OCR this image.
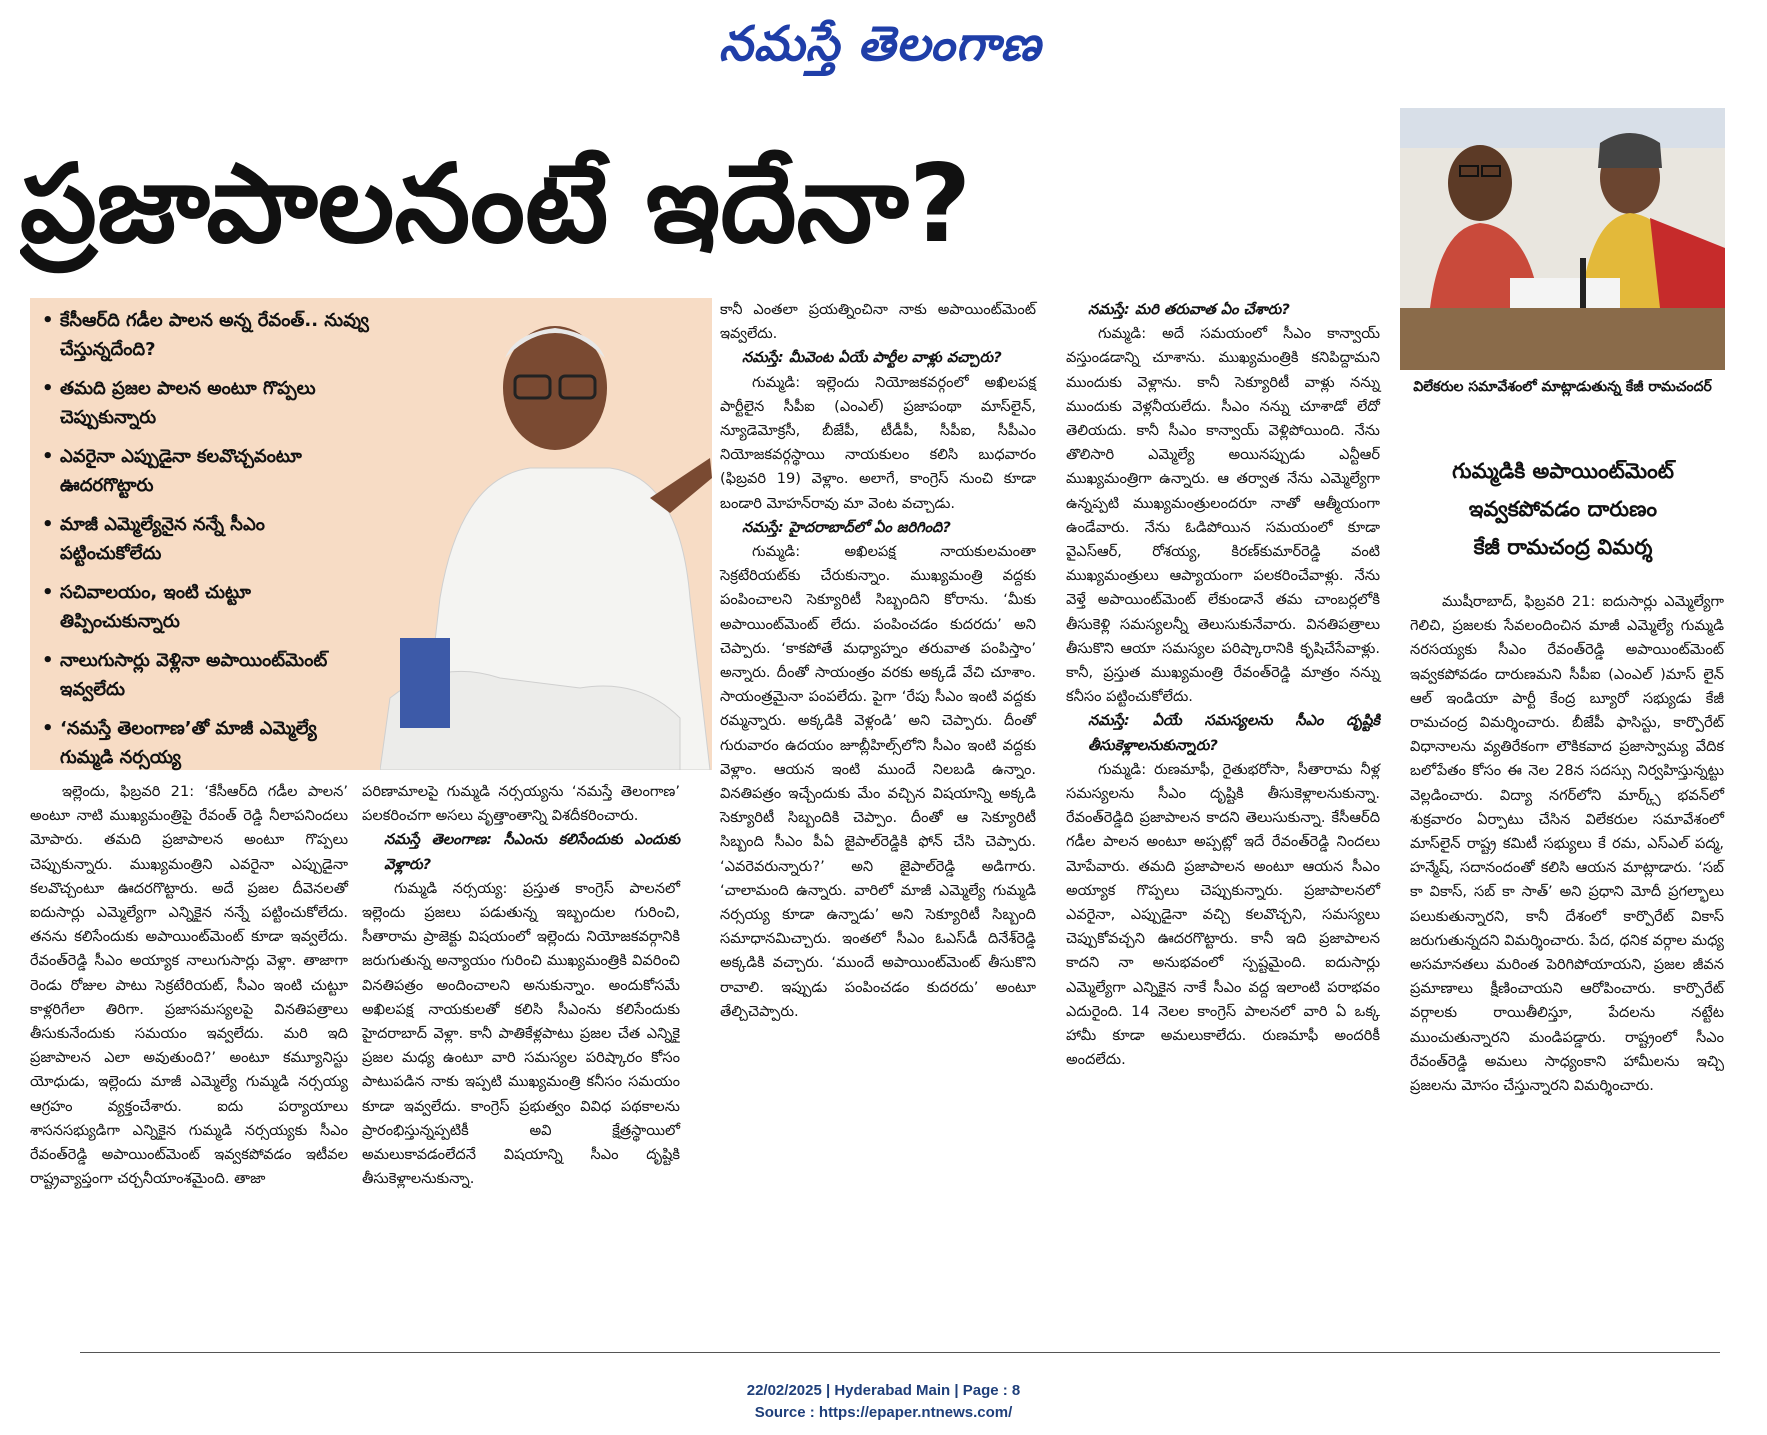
నమస్తే తెలంగాణ
ప్రజాపాలనంటే ఇదేనా?
• కేసీఆర్‌ది గడీల పాలన అన్న రేవంత్.. నువ్వు చేస్తున్నదేంది?
• తమది ప్రజల పాలన అంటూ గొప్పలు చెప్పుకున్నారు
• ఎవరైనా ఎప్పుడైనా కలవొచ్చవంటూ ఊదరగొట్టారు
• మాజీ ఎమ్మెల్యేనైన నన్నే సీఎం పట్టించుకోలేదు
• సచివాలయం, ఇంటి చుట్టూ తిప్పించుకున్నారు
• నాలుగుసార్లు వెళ్లినా అపాయింట్‌మెంట్ ఇవ్వలేదు
• ‘నమస్తే తెలంగాణ’తో మాజీ ఎమ్మెల్యే గుమ్మడి నర్సయ్య
విలేకరుల సమావేశంలో మాట్లాడుతున్న కేజీ రామచందర్
గుమ్మడికి అపాయింట్‌మెంట్
ఇవ్వకపోవడం దారుణం
కేజీ రామచంద్ర విమర్శ

ఇల్లెందు, ఫిబ్రవరి 21: ‘కేసీఆర్‌ది గడీల పాలన’ అంటూ నాటి ముఖ్యమంత్రిపై రేవంత్ రెడ్డి నీలాపనిందలు మోపారు. తమది ప్రజాపాలన అంటూ గొప్పలు చెప్పుకున్నారు. ముఖ్యమంత్రిని ఎవరైనా ఎప్పుడైనా కలవొచ్చంటూ ఊదరగొట్టారు. అదే ప్రజల దీవెనలతో ఐదుసార్లు ఎమ్మెల్యేగా ఎన్నికైన నన్నే పట్టించుకోలేదు. తనను కలిసేందుకు అపాయింట్‌మెంట్ కూడా ఇవ్వలేదు. రేవంత్‌రెడ్డి సీఎం అయ్యాక నాలుగుసార్లు వెళ్లా. తాజాగా రెండు రోజుల పాటు సెక్రటేరియట్, సీఎం ఇంటి చుట్టూ కాళ్లరిగేలా తిరిగా. ప్రజాసమస్యలపై వినతిపత్రాలు తీసుకునేందుకు సమయం ఇవ్వలేదు. మరి ఇది ప్రజాపాలన ఎలా అవుతుంది?’ అంటూ కమ్యూనిస్టు యోధుడు, ఇల్లెందు మాజీ ఎమ్మెల్యే గుమ్మడి నర్సయ్య ఆగ్రహం వ్యక్తంచేశారు. ఐదు పర్యాయాలు శాసనసభ్యుడిగా ఎన్నికైన గుమ్మడి నర్సయ్యకు సీఎం రేవంత్‌రెడ్డి అపాయింట్‌మెంట్ ఇవ్వకపోవడం ఇటీవల రాష్ట్రవ్యాప్తంగా చర్చనీయాంశమైంది. తాజా

పరిణామాలపై గుమ్మడి నర్సయ్యను ‘నమస్తే తెలంగాణ’ పలకరించగా అసలు వృత్తాంతాన్ని విశదీకరించారు.

నమస్తే తెలంగాణ: సీఎంను కలిసేందుకు ఎందుకు వెళ్లారు?

గుమ్మడి నర్సయ్య: ప్రస్తుత కాంగ్రెస్ పాలనలో ఇల్లెందు ప్రజలు పడుతున్న ఇబ్బందుల గురించి, సీతారామ ప్రాజెక్టు విషయంలో ఇల్లెందు నియోజకవర్గానికి జరుగుతున్న అన్యాయం గురించి ముఖ్యమంత్రికి వివరించి వినతిపత్రం అందించాలని అనుకున్నాం. అందుకోసమే అఖిలపక్ష నాయకులతో కలిసి సీఎంను కలిసేందుకు హైదరాబాద్ వెళ్లా. కానీ పాతికేళ్లపాటు ప్రజల చేత ఎన్నికై ప్రజల మధ్య ఉంటూ వారి సమస్యల పరిష్కారం కోసం పాటుపడిన నాకు ఇప్పటి ముఖ్యమంత్రి కనీసం సమయం కూడా ఇవ్వలేదు. కాంగ్రెస్ ప్రభుత్వం వివిధ పథకాలను ప్రారంభిస్తున్నప్పటికీ అవి క్షేత్రస్థాయిలో అమలుకావడంలేదనే విషయాన్ని సీఎం దృష్టికి తీసుకెళ్లాలనుకున్నా.

కానీ ఎంతలా ప్రయత్నించినా నాకు అపాయింట్‌మెంట్ ఇవ్వలేదు.

నమస్తే: మీవెంట ఏయే పార్టీల వాళ్లు వచ్చారు?

గుమ్మడి: ఇల్లెందు నియోజకవర్గంలో అఖిలపక్ష పార్టీలైన సీపీఐ (ఎంఎల్) ప్రజాపంథా మాస్‌లైన్, న్యూడెమోక్రసీ, బీజేపీ, టీడీపీ, సీపీఐ, సీపీఎం నియోజకవర్గస్థాయి నాయకులం కలిసి బుధవారం (ఫిబ్రవరి 19) వెళ్లాం. అలాగే, కాంగ్రెస్ నుంచి కూడా బండారి మోహన్‌రావు మా వెంట వచ్చాడు.

నమస్తే: హైదరాబాద్‌లో ఏం జరిగింది?

గుమ్మడి: అఖిలపక్ష నాయకులమంతా సెక్రటేరియట్‌కు చేరుకున్నాం. ముఖ్యమంత్రి వద్దకు పంపించాలని సెక్యూరిటీ సిబ్బందిని కోరాను. ‘మీకు అపాయింట్‌మెంట్ లేదు. పంపించడం కుదరదు’ అని చెప్పారు. ‘కాకపోతే మధ్యాహ్నం తరువాత పంపిస్తాం’ అన్నారు. దీంతో సాయంత్రం వరకు అక్కడే వేచి చూశాం. సాయంత్రమైనా పంపలేదు. పైగా ‘రేపు సీఎం ఇంటి వద్దకు రమ్మన్నారు. అక్కడికి వెళ్లండి’ అని చెప్పారు. దీంతో గురువారం ఉదయం జూబ్లీహిల్స్‌లోని సీఎం ఇంటి వద్దకు వెళ్లాం. ఆయన ఇంటి ముందే నిలబడి ఉన్నాం. వినతిపత్రం ఇచ్చేందుకు మేం వచ్చిన విషయాన్ని అక్కడి సెక్యూరిటీ సిబ్బందికి చెప్పాం. దీంతో ఆ సెక్యూరిటీ సిబ్బంది సీఎం పీఏ జైపాల్‌రెడ్డికి ఫోన్ చేసి చెప్పారు. ‘ఎవరెవరున్నారు?’ అని జైపాల్‌రెడ్డి అడిగారు. ‘చాలామంది ఉన్నారు. వారిలో మాజీ ఎమ్మెల్యే గుమ్మడి నర్సయ్య కూడా ఉన్నాడు’ అని సెక్యూరిటీ సిబ్బంది సమాధానమిచ్చారు. ఇంతలో సీఎం ఓఎస్‌డీ దినేశ్‌రెడ్డి అక్కడికి వచ్చారు. ‘ముందే అపాయింట్‌మెంట్ తీసుకొని రావాలి. ఇప్పుడు పంపించడం కుదరదు’ అంటూ తేల్చిచెప్పారు.

నమస్తే: మరి తరువాత ఏం చేశారు?

గుమ్మడి: అదే సమయంలో సీఎం కాన్వాయ్ వస్తుండడాన్ని చూశాను. ముఖ్యమంత్రికి కనిపిద్దామని ముందుకు వెళ్లాను. కానీ సెక్యూరిటీ వాళ్లు నన్ను ముందుకు వెళ్లనీయలేదు. సీఎం నన్ను చూశాడో లేదో తెలియదు. కానీ సీఎం కాన్వాయ్ వెళ్లిపోయింది. నేను తొలిసారి ఎమ్మెల్యే అయినప్పుడు ఎన్టీఆర్ ముఖ్యమంత్రిగా ఉన్నారు. ఆ తర్వాత నేను ఎమ్మెల్యేగా ఉన్నప్పటి ముఖ్యమంత్రులందరూ నాతో ఆత్మీయంగా ఉండేవారు. నేను ఓడిపోయిన సమయంలో కూడా వైఎస్‌ఆర్, రోశయ్య, కిరణ్‌కుమార్‌రెడ్డి వంటి ముఖ్యమంత్రులు ఆప్యాయంగా పలకరించేవాళ్లు. నేను వెళ్తే అపాయింట్‌మెంట్ లేకుండానే తమ చాంబర్లలోకి తీసుకెళ్లి సమస్యలన్నీ తెలుసుకునేవారు. వినతిపత్రాలు తీసుకొని ఆయా సమస్యల పరిష్కారానికి కృషిచేసేవాళ్లు. కానీ, ప్రస్తుత ముఖ్యమంత్రి రేవంత్‌రెడ్డి మాత్రం నన్ను కనీసం పట్టించుకోలేదు.

నమస్తే: ఏయే సమస్యలను సీఎం దృష్టికి తీసుకెళ్లాలనుకున్నారు?

గుమ్మడి: రుణమాఫీ, రైతుభరోసా, సీతారామ నీళ్ల సమస్యలను సీఎం దృష్టికి తీసుకెళ్లాలనుకున్నా. రేవంత్‌రెడ్డిది ప్రజాపాలన కాదని తెలుసుకున్నా. కేసీఆర్‌ది గడీల పాలన అంటూ అప్పట్లో ఇదే రేవంత్‌రెడ్డి నిందలు మోపేవారు. తమది ప్రజాపాలన అంటూ ఆయన సీఎం అయ్యాక గొప్పలు చెప్పుకున్నారు. ప్రజాపాలనలో ఎవరైనా, ఎప్పుడైనా వచ్చి కలవొచ్చని, సమస్యలు చెప్పుకోవచ్చని ఊదరగొట్టారు. కానీ ఇది ప్రజాపాలన కాదని నా అనుభవంలో స్పష్టమైంది. ఐదుసార్లు ఎమ్మెల్యేగా ఎన్నికైన నాకే సీఎం వద్ద ఇలాంటి పరాభవం ఎదురైంది. 14 నెలల కాంగ్రెస్ పాలనలో వారి ఏ ఒక్క హామీ కూడా అమలుకాలేదు. రుణమాఫీ అందరికీ అందలేదు.

ముషీరాబాద్, ఫిబ్రవరి 21: ఐదుసార్లు ఎమ్మెల్యేగా గెలిచి, ప్రజలకు సేవలందించిన మాజీ ఎమ్మెల్యే గుమ్మడి నరసయ్యకు సీఎం రేవంత్‌రెడ్డి అపాయింట్‌మెంట్ ఇవ్వకపోవడం దారుణమని సీపీఐ (ఎంఎల్ )మాస్ లైన్ ఆల్ ఇండియా పార్టీ కేంద్ర బ్యూరో సభ్యుడు కేజీ రామచంద్ర విమర్శించారు. బీజేపీ ఫాసిస్టు, కార్పొరేట్ విధానాలను వ్యతిరేకంగా లౌకికవాద ప్రజాస్వామ్య వేదిక బలోపేతం కోసం ఈ నెల 28న సదస్సు నిర్వహిస్తున్నట్టు వెల్లడించారు. విద్యా నగర్‌లోని మార్క్స్ భవన్‌లో శుక్రవారం ఏర్పాటు చేసిన విలేకరుల సమావేశంలో మాస్‌లైన్ రాష్ట్ర కమిటీ సభ్యులు కే రమ, ఎస్‌ఎల్ పద్మ, హన్మేష్, సదానందంతో కలిసి ఆయన మాట్లాడారు. ‘సబ్ కా వికాస్, సబ్ కా సాత్’ అని ప్రధాని మోదీ ప్రగల్భాలు పలుకుతున్నారని, కానీ దేశంలో కార్పొరేట్ వికాస్ జరుగుతున్నదని విమర్శించారు. పేద, ధనిక వర్గాల మధ్య అసమానతలు మరింత పెరిగిపోయాయని, ప్రజల జీవన ప్రమాణాలు క్షీణించాయని ఆరోపించారు. కార్పొరేట్ వర్గాలకు రాయితీలిస్తూ, పేదలను నట్టేట ముంచుతున్నారని మండిపడ్డారు. రాష్ట్రంలో సీఎం రేవంత్‌రెడ్డి అమలు సాధ్యంకాని హామీలను ఇచ్చి ప్రజలను మోసం చేస్తున్నారని విమర్శించారు.

22/02/2025 | Hyderabad Main | Page : 8
Source : https://epaper.ntnews.com/
